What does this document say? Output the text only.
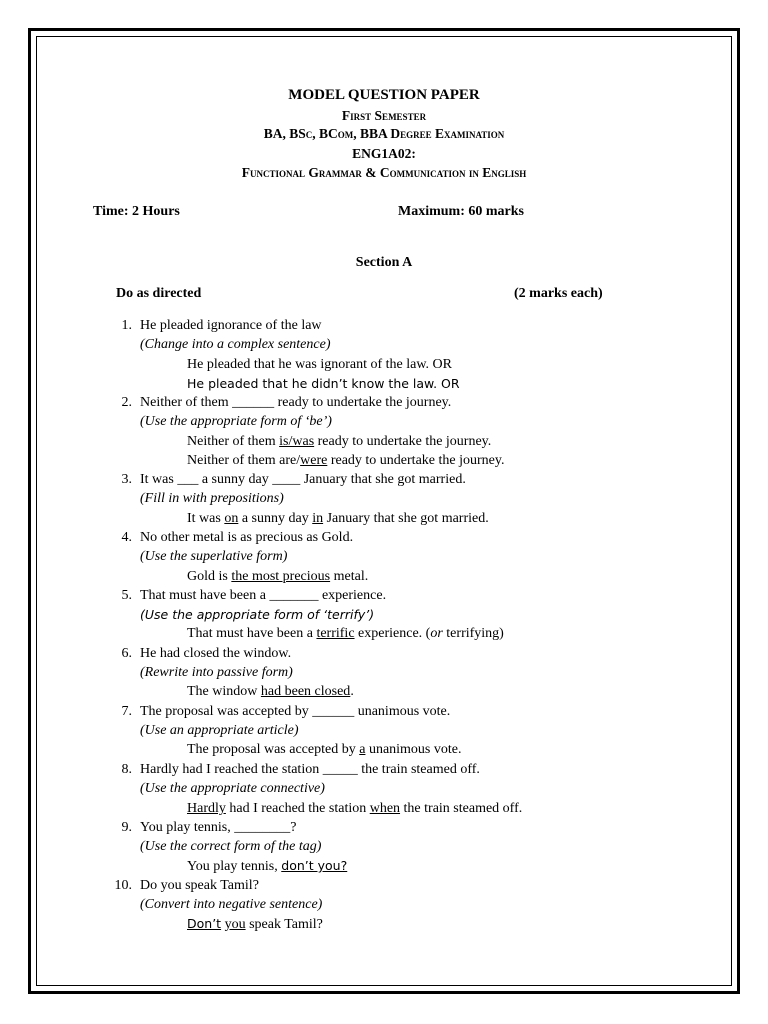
MODEL QUESTION PAPER
First Semester
BA, BSc, BCom, BBA Degree Examination
ENG1A02:
Functional Grammar & Communication in English
Time: 2 Hours	Maximum: 60 marks
Section A
Do as directed	(2 marks each)
1. He pleaded ignorance of the law
(Change into a complex sentence)
He pleaded that he was ignorant of the law. OR
He pleaded that he didn’t know the law. OR
2. Neither of them ______ ready to undertake the journey.
(Use the appropriate form of ‘be’)
Neither of them is/was ready to undertake the journey.
Neither of them are/were ready to undertake the journey.
3. It was ___ a sunny day ____ January that she got married.
(Fill in with prepositions)
It was on a sunny day in January that she got married.
4. No other metal is as precious as Gold.
(Use the superlative form)
Gold is the most precious metal.
5. That must have been a _______ experience.
(Use the appropriate form of ‘terrify’)
That must have been a terrific experience. (or terrifying)
6. He had closed the window.
(Rewrite into passive form)
The window had been closed.
7. The proposal was accepted by ______ unanimous vote.
(Use an appropriate article)
The proposal was accepted by a unanimous vote.
8. Hardly had I reached the station _____ the train steamed off.
(Use the appropriate connective)
Hardly had I reached the station when the train steamed off.
9. You play tennis, ________?
(Use the correct form of the tag)
You play tennis, don’t you?
10. Do you speak Tamil?
(Convert into negative sentence)
Don’t you speak Tamil?
